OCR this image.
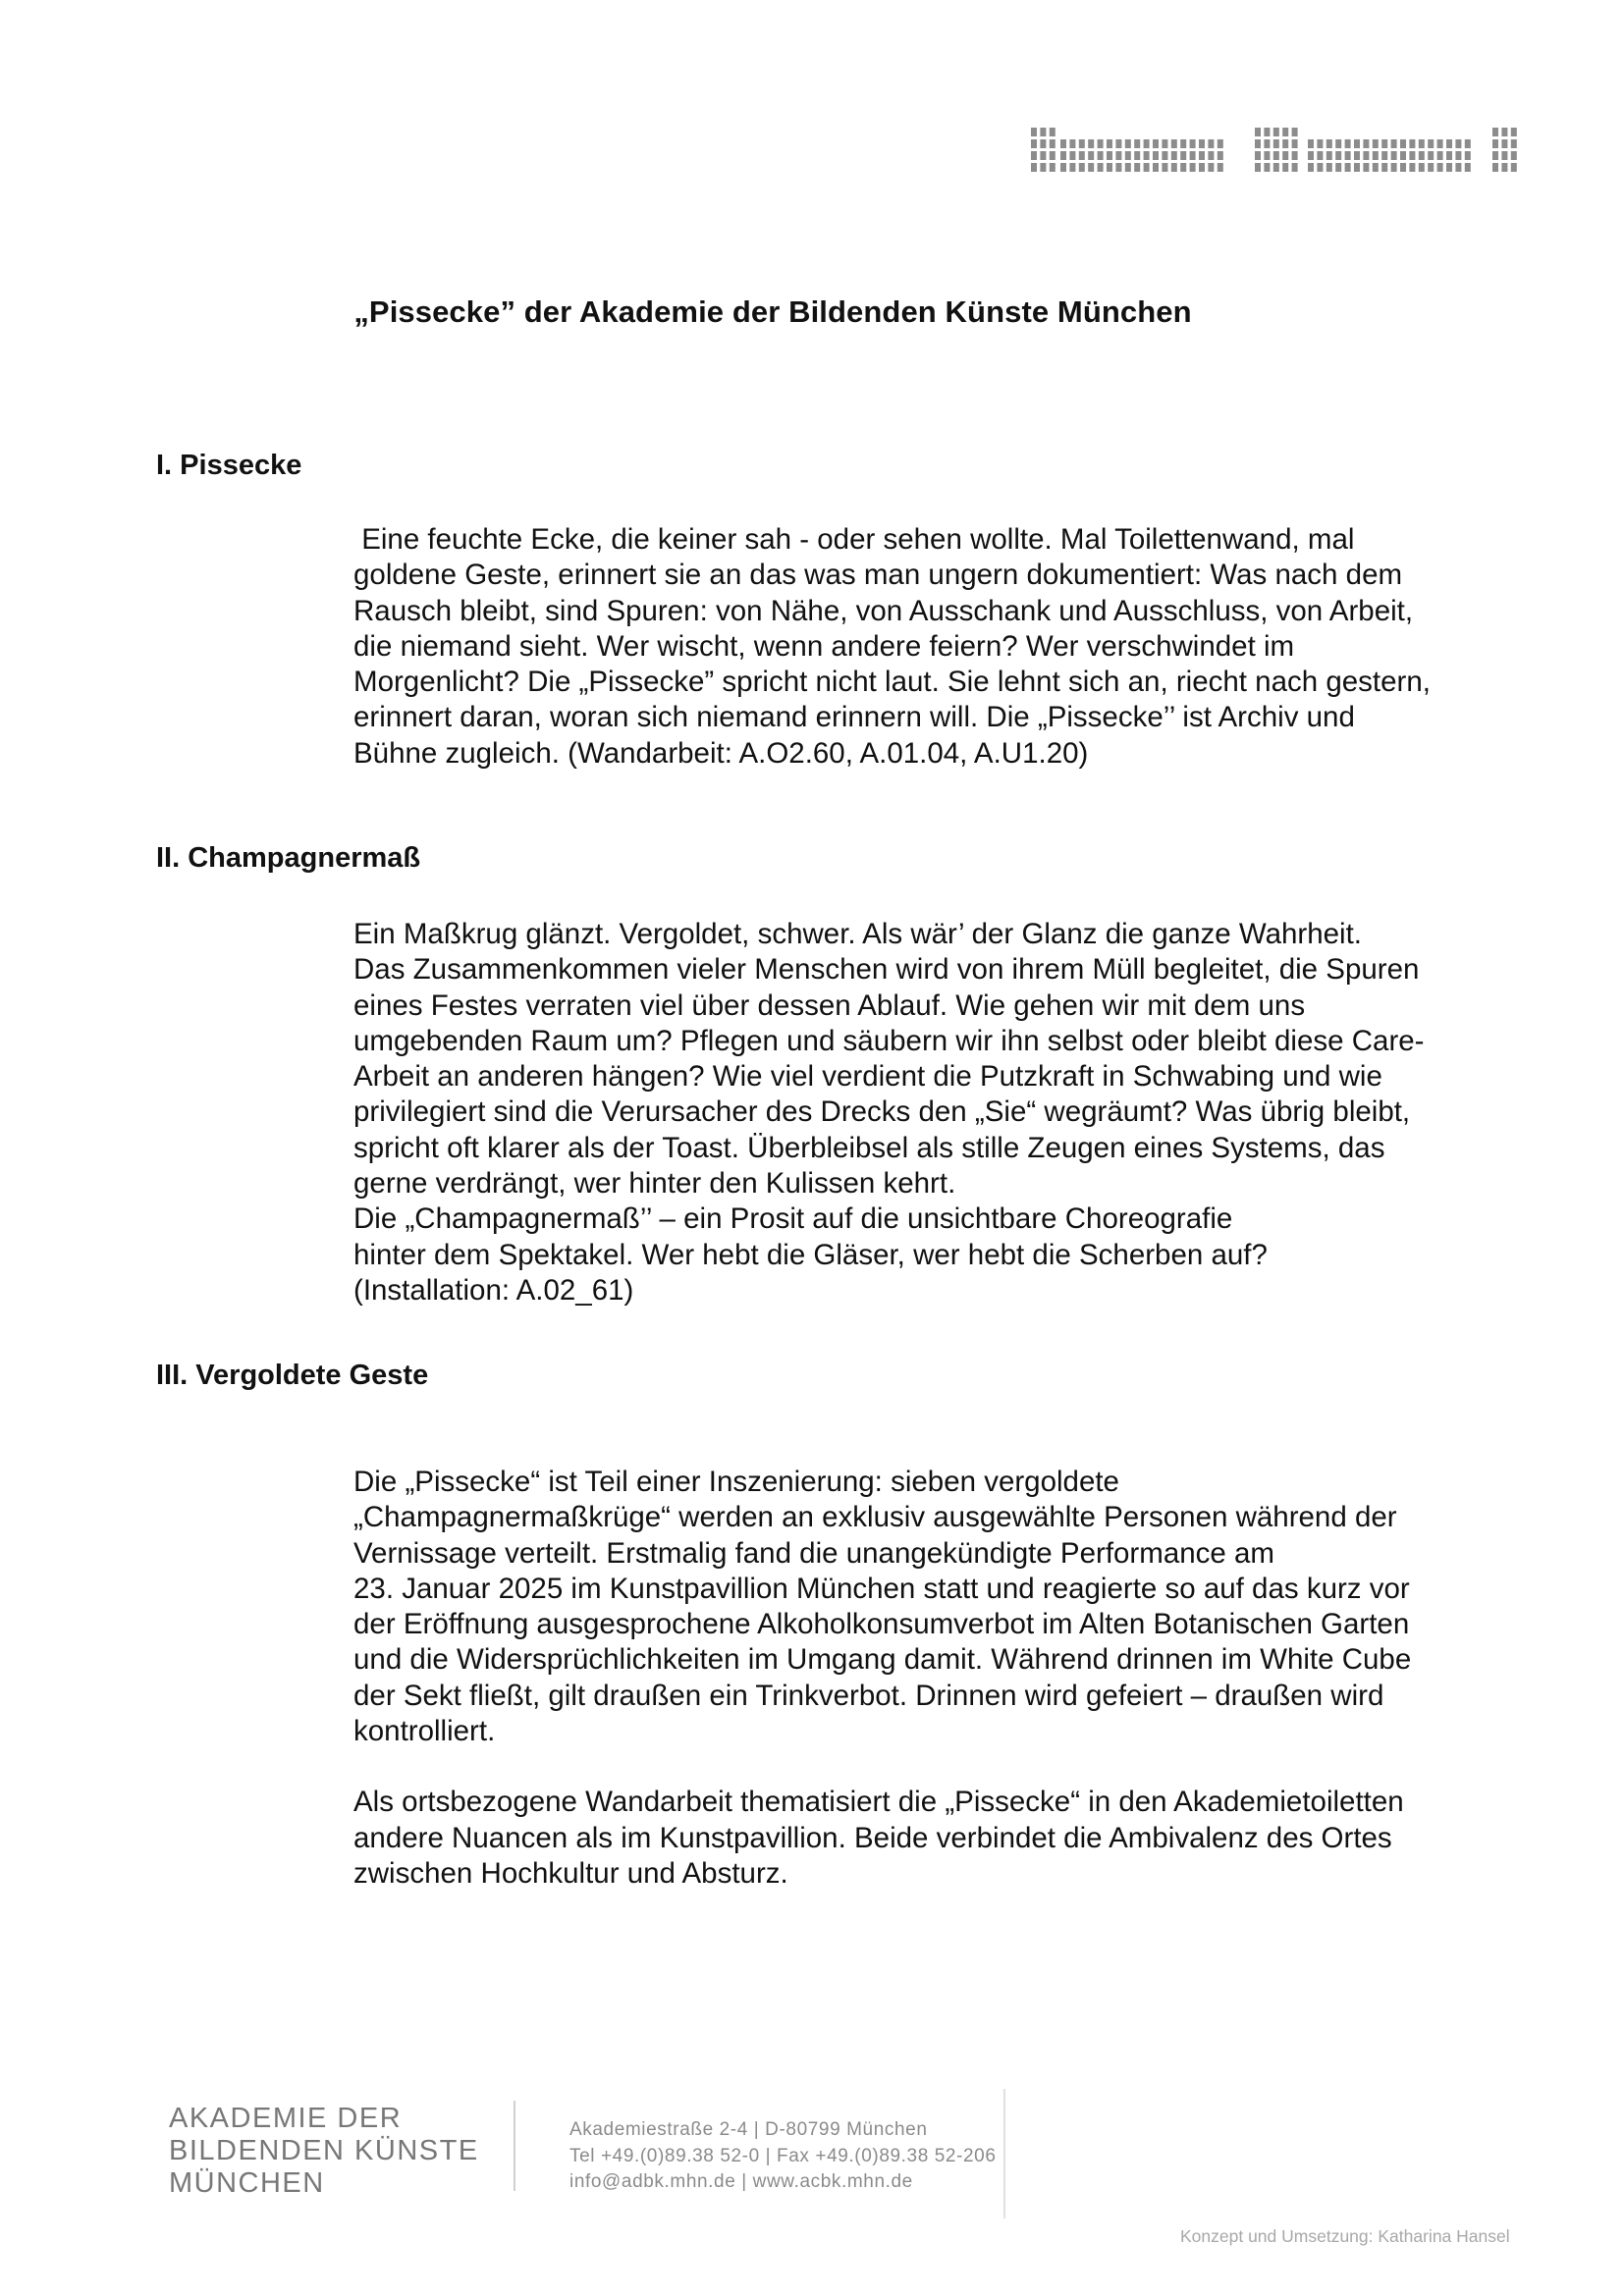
„Pissecke” der Akademie der Bildenden Künste München
I. Pissecke

Eine feuchte Ecke, die keiner sah - oder sehen wollte. Mal Toilettenwand, mal

goldene Geste, erinnert sie an das was man ungern dokumentiert: Was nach dem

Rausch bleibt, sind Spuren: von Nähe, von Ausschank und Ausschluss, von Arbeit,

die niemand sieht. Wer wischt, wenn andere feiern? Wer verschwindet im

Morgenlicht? Die „Pissecke” spricht nicht laut. Sie lehnt sich an, riecht nach gestern,

erinnert daran, woran sich niemand erinnern will. Die „Pissecke’’ ist Archiv und

Bühne zugleich. (Wandarbeit: A.O2.60, A.01.04, A.U1.20)

II. Champagnermaß

Ein Maßkrug glänzt. Vergoldet, schwer. Als wär’ der Glanz die ganze Wahrheit.

Das Zusammenkommen vieler Menschen wird von ihrem Müll begleitet, die Spuren

eines Festes verraten viel über dessen Ablauf. Wie gehen wir mit dem uns

umgebenden Raum um? Pflegen und säubern wir ihn selbst oder bleibt diese Care-

Arbeit an anderen hängen? Wie viel verdient die Putzkraft in Schwabing und wie

privilegiert sind die Verursacher des Drecks den „Sie“ wegräumt? Was übrig bleibt,

spricht oft klarer als der Toast. Überbleibsel als stille Zeugen eines Systems, das

gerne verdrängt, wer hinter den Kulissen kehrt.

Die „Champagnermaß’’ – ein Prosit auf die unsichtbare Choreografie

hinter dem Spektakel. Wer hebt die Gläser, wer hebt die Scherben auf?

(Installation: A.02_61)

III. Vergoldete Geste

Die „Pissecke“ ist Teil einer Inszenierung: sieben vergoldete

„Champagnermaßkrüge“ werden an exklusiv ausgewählte Personen während der

Vernissage verteilt. Erstmalig fand die unangekündigte Performance am

23. Januar 2025 im Kunstpavillion München statt und reagierte so auf das kurz vor

der Eröffnung ausgesprochene Alkoholkonsumverbot im Alten Botanischen Garten

und die Widersprüchlichkeiten im Umgang damit. Während drinnen im White Cube

der Sekt fließt, gilt draußen ein Trinkverbot. Drinnen wird gefeiert – draußen wird

kontrolliert.

Als ortsbezogene Wandarbeit thematisiert die „Pissecke“ in den Akademietoiletten

andere Nuancen als im Kunstpavillion. Beide verbindet die Ambivalenz des Ortes

zwischen Hochkultur und Absturz.

AKADEMIE DER
BILDENDEN KÜNSTE
MÜNCHEN
Akademiestraße 2-4 | D-80799 München
Tel +49.(0)89.38 52-0 | Fax +49.(0)89.38 52-206
info@adbk.mhn.de | www.acbk.mhn.de
Konzept und Umsetzung: Katharina Hansel
